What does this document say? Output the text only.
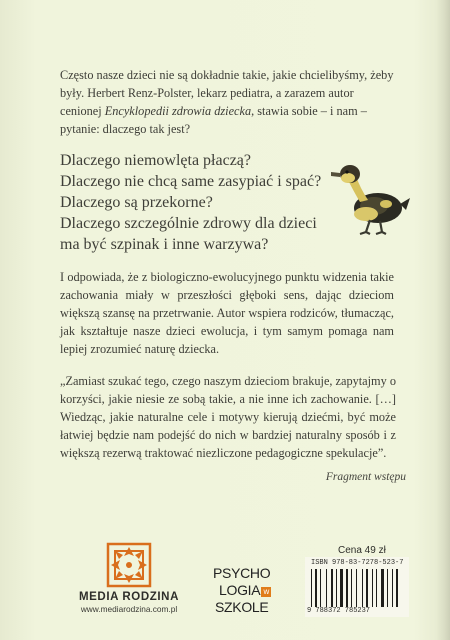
Często nasze dzieci nie są dokładnie takie, jakie chcielibyśmy, żeby były. Herbert Renz-Polster, lekarz pediatra, a zarazem autor cenionej Encyklopedii zdrowia dziecka, stawia sobie – i nam – pytanie: dlaczego tak jest?

Dlaczego niemowlęta płaczą?
Dlaczego nie chcą same zasypiać i spać?
Dlaczego są przekorne?
Dlaczego szczególnie zdrowy dla dzieci
ma być szpinak i inne warzywa?

I odpowiada, że z biologiczno-ewolucyjnego punktu widzenia takie zachowania miały w przeszłości głęboki sens, dając dzieciom większą szansę na przetrwanie. Autor wspiera rodziców, tłumacząc, jak kształtuje nasze dzieci ewolucja, i tym samym pomaga nam lepiej zrozumieć naturę dziecka.

„Zamiast szukać tego, czego naszym dzieciom brakuje, zapytajmy o korzyści, jakie niesie ze sobą takie, a nie inne ich zachowanie. […] Wiedząc, jakie naturalne cele i motywy kierują dziećmi, być może łatwiej będzie nam podejść do nich w bardziej naturalny sposób i z większą rezerwą traktować niezliczone pedagogiczne spekulacje”.

Fragment wstępu
MEDIA RODZINA
www.mediarodzina.com.pl
PSYCHO
LOGIA w
SZKOLE
Cena 49 zł
ISBN 978-83-7278-523-7
9 788372 785237
